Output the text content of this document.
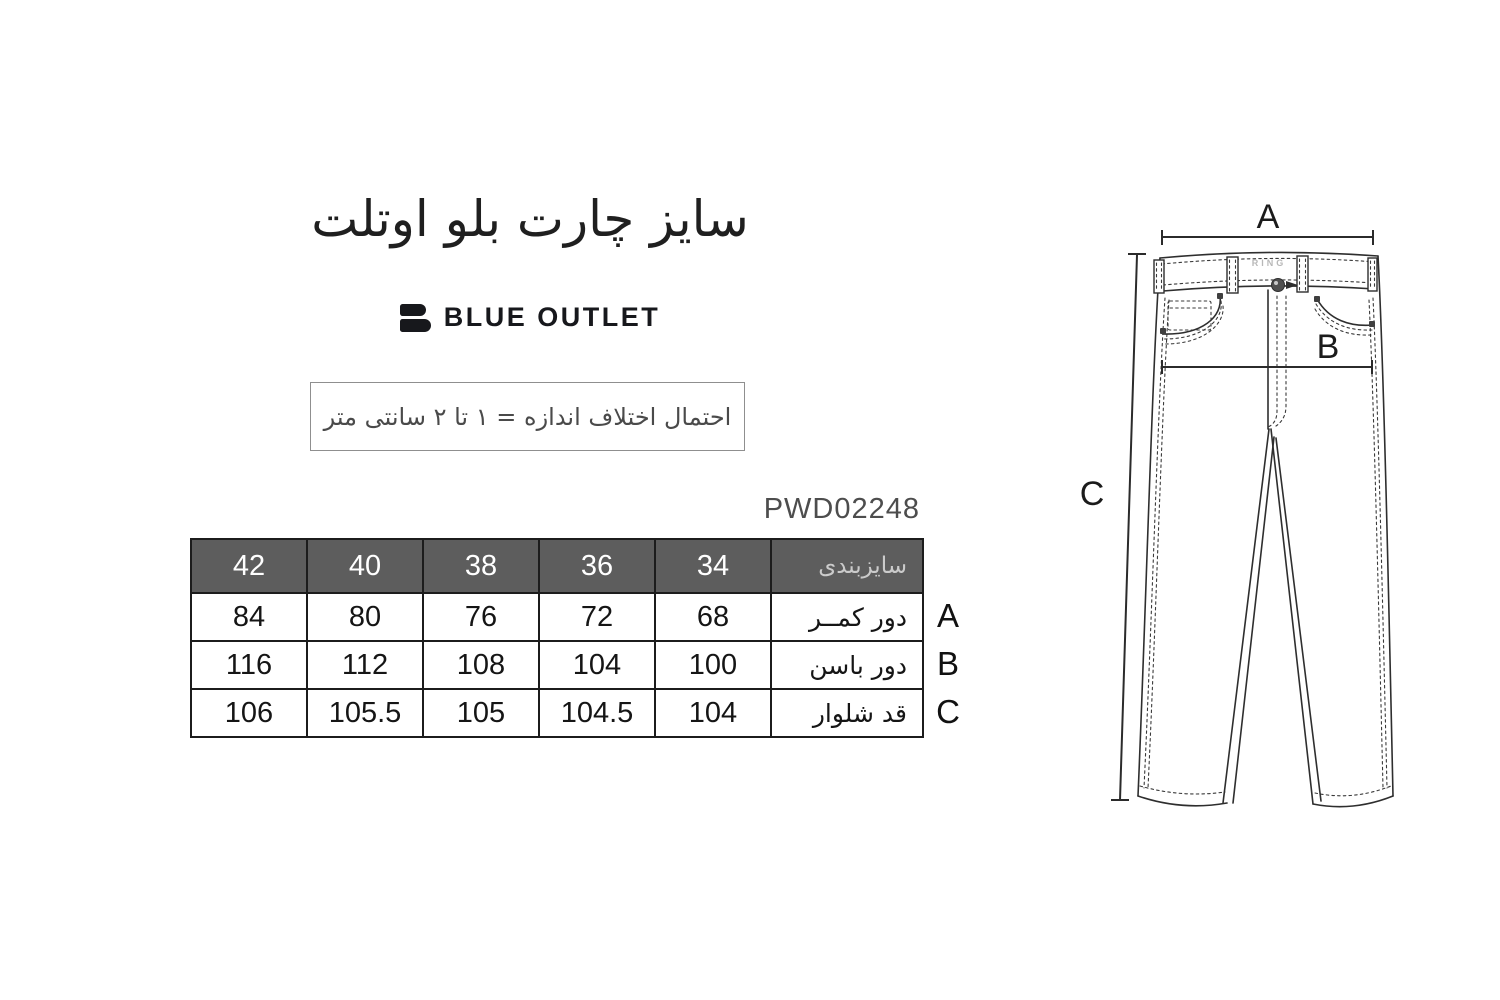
سایز چارت بلو اوتلت
BLUE OUTLET
احتمال اختلاف اندازه = ۱ تا ۲ سانتی متر
PWD02248
42	40	38	36	34	سایزبندی
84	80	76	72	68	دور کمــر
116	112	108	104	100	دور باسن
106	105.5	105	104.5	104	قد شلوار
A
B
C
A
C
RING
B
